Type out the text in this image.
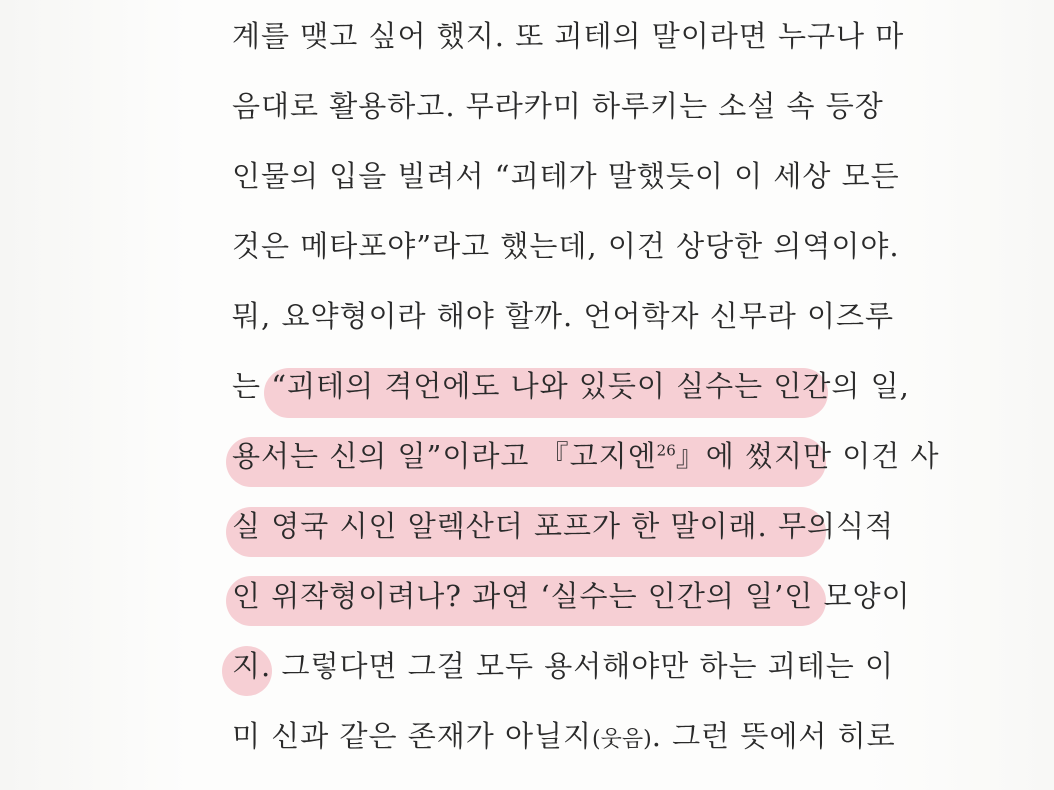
계를 맺고 싶어 했지. 또 괴테의 말이라면 누구나 마
음대로 활용하고. 무라카미 하루키는 소설 속 등장
인물의 입을 빌려서 “괴테가 말했듯이 이 세상 모든
것은 메타포야”라고 했는데, 이건 상당한 의역이야.
뭐, 요약형이라 해야 할까. 언어학자 신무라 이즈루
는 “괴테의 격언에도 나와 있듯이 실수는 인간의 일,
용서는 신의 일”이라고 『고지엔$^{26}$』에 썼지만 이건 사
실 영국 시인 알렉산더 포프가 한 말이래. 무의식적
인 위작형이려나? 과연 ‘실수는 인간의 일’인 모양이
지. 그렇다면 그걸 모두 용서해야만 하는 괴테는 이
미 신과 같은 존재가 아닐지(웃음). 그런 뜻에서 히로
